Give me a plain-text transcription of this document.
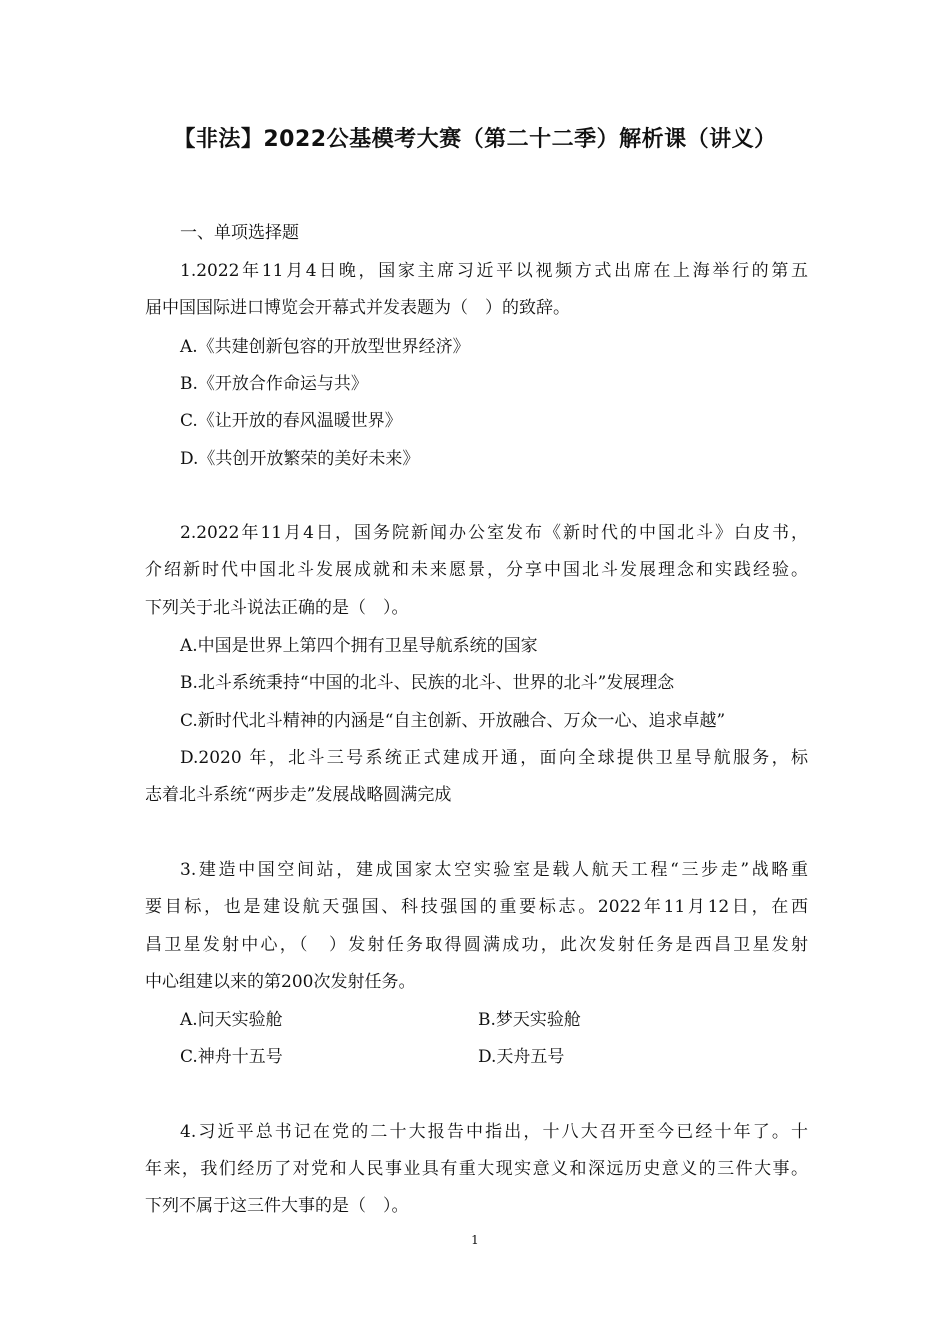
【非法】2022公基模考大赛（第二十二季）解析课（讲义）
一、单项选择题
1.2022年11月4日晚，国家主席习近平以视频方式出席在上海举行的第五
届中国国际进口博览会开幕式并发表题为（　）的致辞。
A.《共建创新包容的开放型世界经济》
B.《开放合作命运与共》
C.《让开放的春风温暖世界》
D.《共创开放繁荣的美好未来》
2.2022年11月4日，国务院新闻办公室发布《新时代的中国北斗》白皮书，
介绍新时代中国北斗发展成就和未来愿景，分享中国北斗发展理念和实践经验。
下列关于北斗说法正确的是（　）。
A.中国是世界上第四个拥有卫星导航系统的国家
B.北斗系统秉持“中国的北斗、民族的北斗、世界的北斗”发展理念
C.新时代北斗精神的内涵是“自主创新、开放融合、万众一心、追求卓越”
D.2020 年，北斗三号系统正式建成开通，面向全球提供卫星导航服务，标
志着北斗系统“两步走”发展战略圆满完成
3.建造中国空间站，建成国家太空实验室是载人航天工程“三步走”战略重
要目标，也是建设航天强国、科技强国的重要标志。2022年11月12日，在西
昌卫星发射中心，（　）发射任务取得圆满成功，此次发射任务是西昌卫星发射
中心组建以来的第200次发射任务。
A.问天实验舱	B.梦天实验舱
C.神舟十五号	D.天舟五号
4.习近平总书记在党的二十大报告中指出，十八大召开至今已经十年了。十
年来，我们经历了对党和人民事业具有重大现实意义和深远历史意义的三件大事。
下列不属于这三件大事的是（　）。
1
